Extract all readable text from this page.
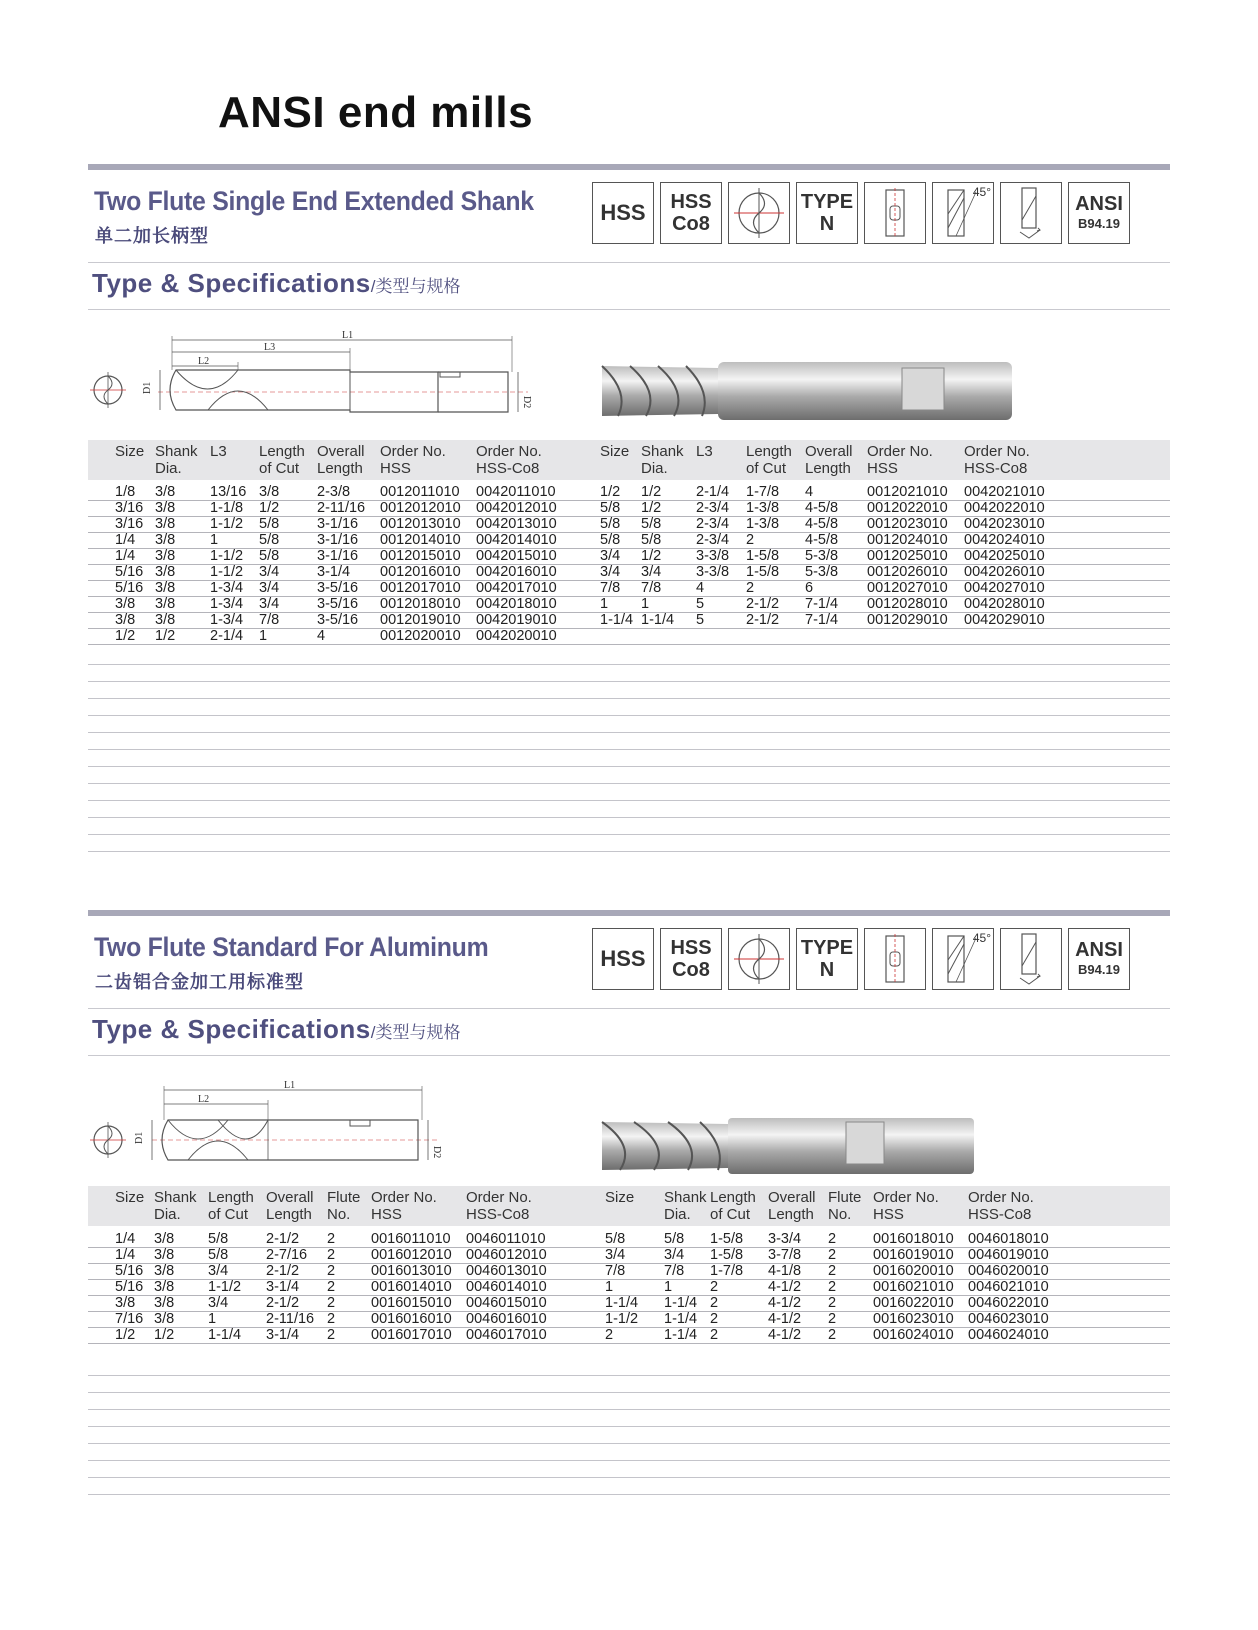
ANSI end mills
Two Flute Single End Extended Shank
单二加长柄型
HSS HSS
Co8
TYPE
N
45°
ANSI
B94.19
Type & Specifications/类型与规格
L1
L3
L2
D1
D2
Size Shank
Dia.
L3 Length
of Cut
Overall
Length
Order No.
HSS
Order No.
HSS-Co8
Size Shank
Dia.
L3 Length
of Cut
Overall
Length
Order No.
HSS
Order No.
HSS-Co8
1/8 3/8 13/16 3/8	2-3/8 0012011010 0042011010	1/2 1/2 2-1/4 1-7/8 4	0012021010 0042021010
3/16 3/8 1-1/8 1/2	2-11/16 0012012010 0042012010	5/8 1/2 2-3/4 1-3/8 4-5/8 0012022010 0042022010
3/16 3/8 1-1/2 5/8	3-1/16 0012013010 0042013010	5/8 5/8 2-3/4 1-3/8 4-5/8 0012023010 0042023010
1/4 3/8 1	5/8	3-1/16 0012014010 0042014010	5/8 5/8 2-3/4 2	4-5/8 0012024010 0042024010
1/4 3/8 1-1/2 5/8	3-1/16 0012015010 0042015010	3/4 1/2 3-3/8 1-5/8 5-3/8 0012025010 0042025010
5/16 3/8 1-1/2 3/4	3-1/4 0012016010 0042016010	3/4 3/4 3-3/8 1-5/8 5-3/8 0012026010 0042026010
5/16 3/8 1-3/4 3/4	3-5/16 0012017010 0042017010	7/8 7/8 4	2	6	0012027010 0042027010
3/8 3/8 1-3/4 3/4	3-5/16 0012018010 0042018010	1 1	5	2-1/2 7-1/4 0012028010 0042028010
3/8 3/8 1-3/4 7/8	3-5/16 0012019010 0042019010	1-1/4 1-1/4 5	2-1/2 7-1/4 0012029010 0042029010
1/2 1/2 2-1/4 1	4	0012020010 0042020010
Two Flute Standard For Aluminum
二齿铝合金加工用标准型
HSS HSS
Co8
TYPE
N
45°
ANSI
B94.19
Type & Specifications/类型与规格
L1
L2
D1
D2
Size Shank
Dia.
Length
of Cut
Overall
Length
Flute
No.
Order No.
HSS
Order No.
HSS-Co8
Size Shank
Dia.
Length
of Cut
Overall
Length
Flute
No.
Order No.
HSS
Order No.
HSS-Co8
1/4 3/8 5/8	2-1/2 2 0016011010 0046011010	5/8	5/8 1-5/8 3-3/4 2	0016018010 0046018010
1/4 3/8 5/8	2-7/16 2 0016012010 0046012010	3/4	3/4 1-5/8 3-7/8 2	0016019010 0046019010
5/16 3/8 3/4	2-1/2 2 0016013010 0046013010	7/8	7/8 1-7/8 4-1/8 2	0016020010 0046020010
5/16 3/8 1-1/2 3-1/4 2 0016014010 0046014010	1	1	2	4-1/2 2	0016021010 0046021010
3/8 3/8 3/4	2-1/2 2 0016015010 0046015010	1-1/4 1-1/4 2	4-1/2 2	0016022010 0046022010
7/16 3/8 1	2-11/16 2 0016016010 0046016010	1-1/2 1-1/4 2	4-1/2 2	0016023010 0046023010
1/2 1/2 1-1/4 3-1/4 2 0016017010 0046017010	2	1-1/4 2	4-1/2 2	0016024010 0046024010
